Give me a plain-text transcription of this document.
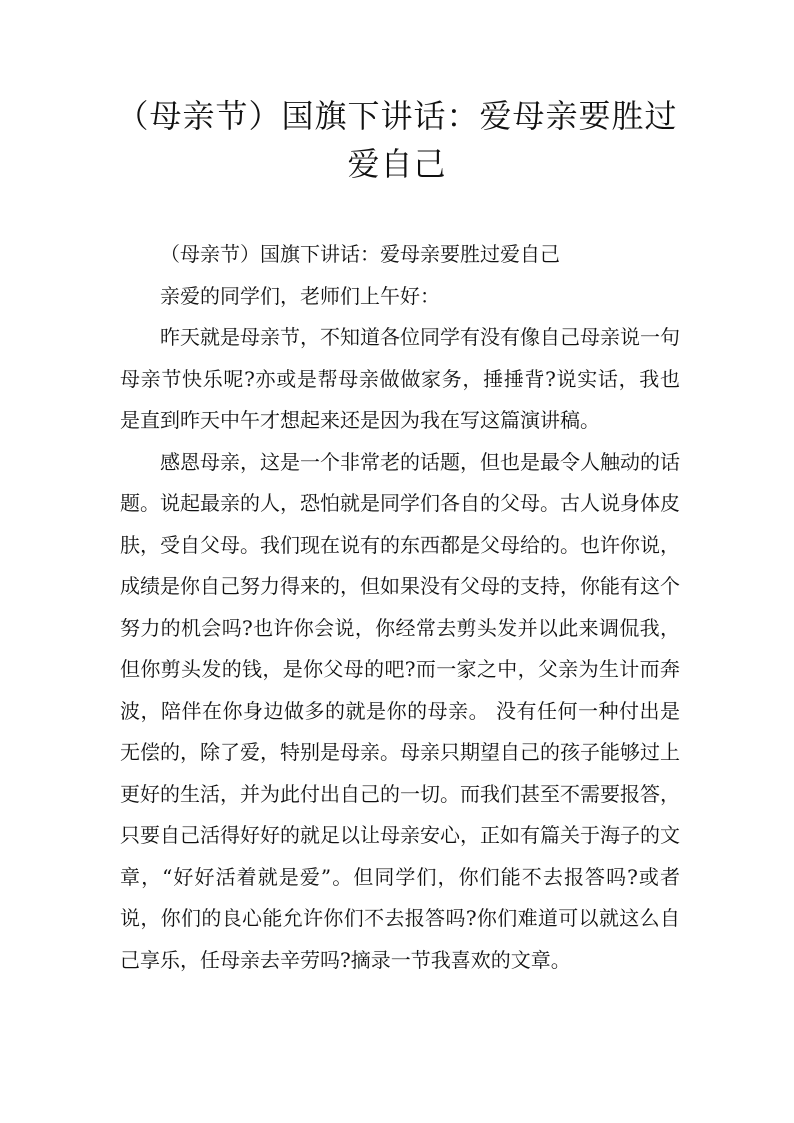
（母亲节）国旗下讲话：爱母亲要胜过
爱自己

（母亲节）国旗下讲话：爱母亲要胜过爱自己

亲爱的同学们，老师们上午好：

昨天就是母亲节，不知道各位同学有没有像自己母亲说一句母亲节快乐呢?亦或是帮母亲做做家务，捶捶背?说实话，我也是直到昨天中午才想起来还是因为我在写这篇演讲稿。

感恩母亲，这是一个非常老的话题，但也是最令人触动的话题。说起最亲的人，恐怕就是同学们各自的父母。古人说身体皮肤，受自父母。我们现在说有的东西都是父母给的。也许你说，成绩是你自己努力得来的，但如果没有父母的支持，你能有这个努力的机会吗?也许你会说，你经常去剪头发并以此来调侃我，但你剪头发的钱，是你父母的吧?而一家之中，父亲为生计而奔波，陪伴在你身边做多的就是你的母亲。 没有任何一种付出是无偿的，除了爱，特别是母亲。母亲只期望自己的孩子能够过上更好的生活，并为此付出自己的一切。而我们甚至不需要报答，只要自己活得好好的就足以让母亲安心，正如有篇关于海子的文章，“好好活着就是爱”。但同学们，你们能不去报答吗?或者说，你们的良心能允许你们不去报答吗?你们难道可以就这么自己享乐，任母亲去辛劳吗?摘录一节我喜欢的文章。
